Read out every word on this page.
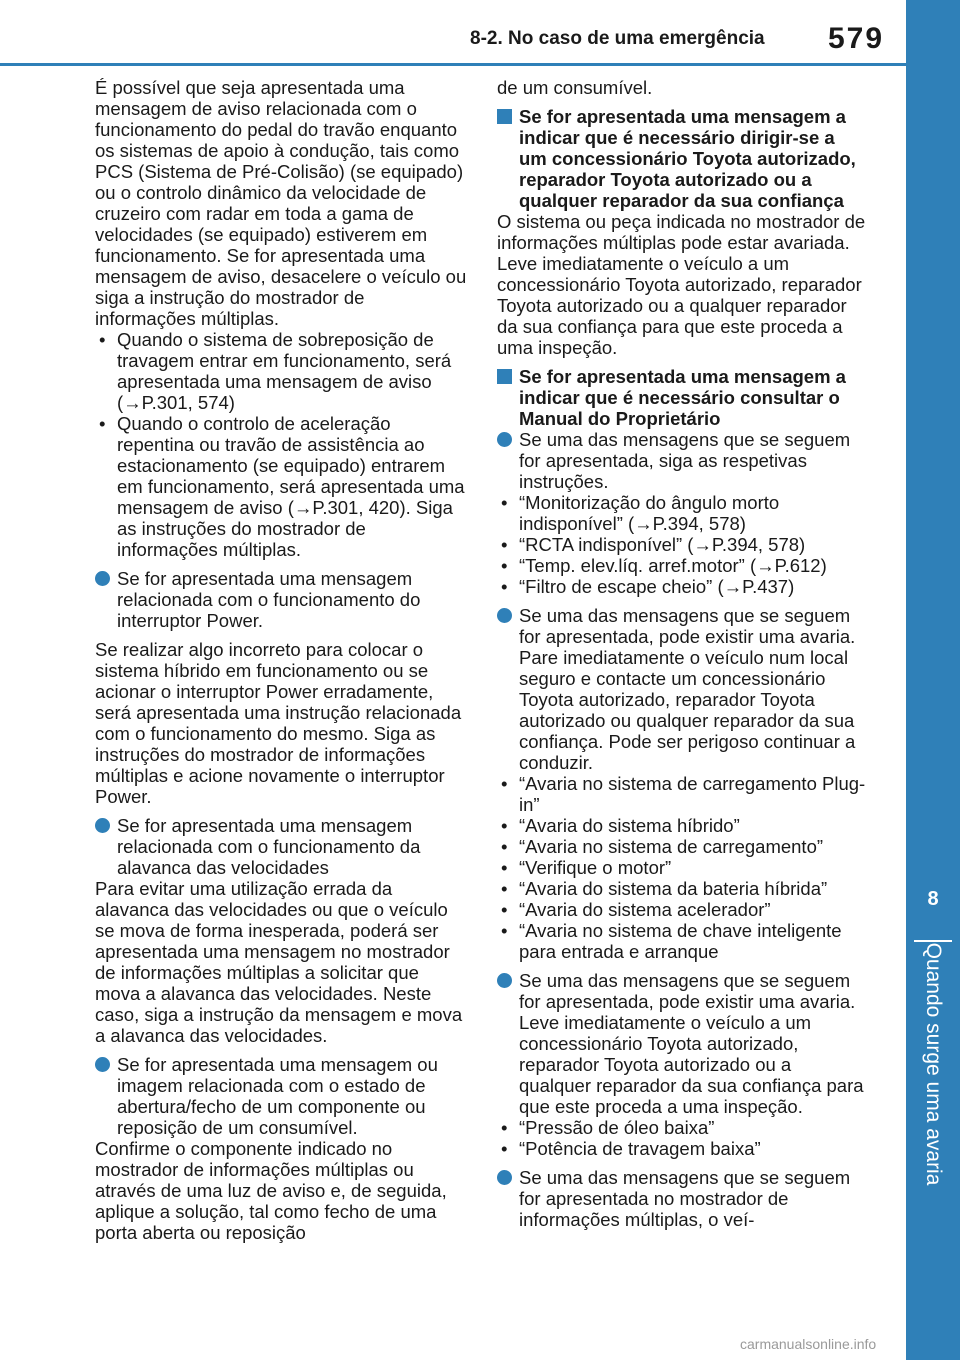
8-2. No caso de uma emergência 579
8
Quando surge uma avaria

É possível que seja apresentada uma mensagem de aviso relacionada com o funcionamento do pedal do travão enquanto os sistemas de apoio à condução, tais como PCS (Sistema de Pré-Colisão) (se equipado) ou o controlo dinâmico da velocidade de cruzeiro com radar em toda a gama de velocidades (se equipado) estiverem em funcionamento. Se for apresentada uma mensagem de aviso, desacelere o veículo ou siga a instrução do mostrador de informações múltiplas.

• Quando o sistema de sobreposição de travagem entrar em funcionamento, será apresentada uma mensagem de aviso (→P.301, 574)

• Quando o controlo de aceleração repentina ou travão de assistência ao estacionamento (se equipado) entrarem em funcionamento, será apresentada uma mensagem de aviso (→P.301, 420). Siga as instruções do mostrador de informações múltiplas.

Se for apresentada uma mensagem relacionada com o funcionamento do interruptor Power.

Se realizar algo incorreto para colocar o sistema híbrido em funcionamento ou se acionar o interruptor Power erradamente, será apresentada uma instrução relacionada com o funcionamento do mesmo. Siga as instruções do mostrador de informações múltiplas e acione novamente o interruptor Power.

Se for apresentada uma mensagem relacionada com o funcionamento da alavanca das velocidades

Para evitar uma utilização errada da alavanca das velocidades ou que o veículo se mova de forma inesperada, poderá ser apresentada uma mensagem no mostrador de informações múltiplas a solicitar que mova a alavanca das velocidades. Neste caso, siga a instrução da mensagem e mova a alavanca das velocidades.

Se for apresentada uma mensagem ou imagem relacionada com o estado de abertura/fecho de um componente ou reposição de um consumível.

Confirme o componente indicado no mostrador de informações múltiplas ou através de uma luz de aviso e, de seguida, aplique a solução, tal como fecho de uma porta aberta ou reposição

de um consumível.

Se for apresentada uma mensagem a indicar que é necessário dirigir-se a um concessionário Toyota autorizado, reparador Toyota autorizado ou a qualquer reparador da sua confiança

O sistema ou peça indicada no mostrador de informações múltiplas pode estar avariada. Leve imediatamente o veículo a um concessionário Toyota autorizado, reparador Toyota autorizado ou a qualquer reparador da sua confiança para que este proceda a uma inspeção.

Se for apresentada uma mensagem a indicar que é necessário consultar o Manual do Proprietário
Se uma das mensagens que se seguem for apresentada, siga as respetivas instruções.

• “Monitorização do ângulo morto indisponível” (→P.394, 578)

• “RCTA indisponível” (→P.394, 578)

• “Temp. elev.líq. arref.motor” (→P.612)

• “Filtro de escape cheio” (→P.437)

Se uma das mensagens que se seguem for apresentada, pode existir uma avaria. Pare imediatamente o veículo num local seguro e contacte um concessionário Toyota autorizado, reparador Toyota autorizado ou qualquer reparador da sua confiança. Pode ser perigoso continuar a conduzir.

• “Avaria no sistema de carregamento Plug-in”

• “Avaria do sistema híbrido”

• “Avaria no sistema de carregamento”

• “Verifique o motor”

• “Avaria do sistema da bateria híbrida”

• “Avaria do sistema acelerador”

• “Avaria no sistema de chave inteligente para entrada e arranque

Se uma das mensagens que se seguem for apresentada, pode existir uma avaria. Leve imediatamente o veículo a um concessionário Toyota autorizado, reparador Toyota autorizado ou a qualquer reparador da sua confiança para que este proceda a uma inspeção.

• “Pressão de óleo baixa”

• “Potência de travagem baixa”

Se uma das mensagens que se seguem for apresentada no mostrador de informações múltiplas, o veí-
carmanualsonline.info
